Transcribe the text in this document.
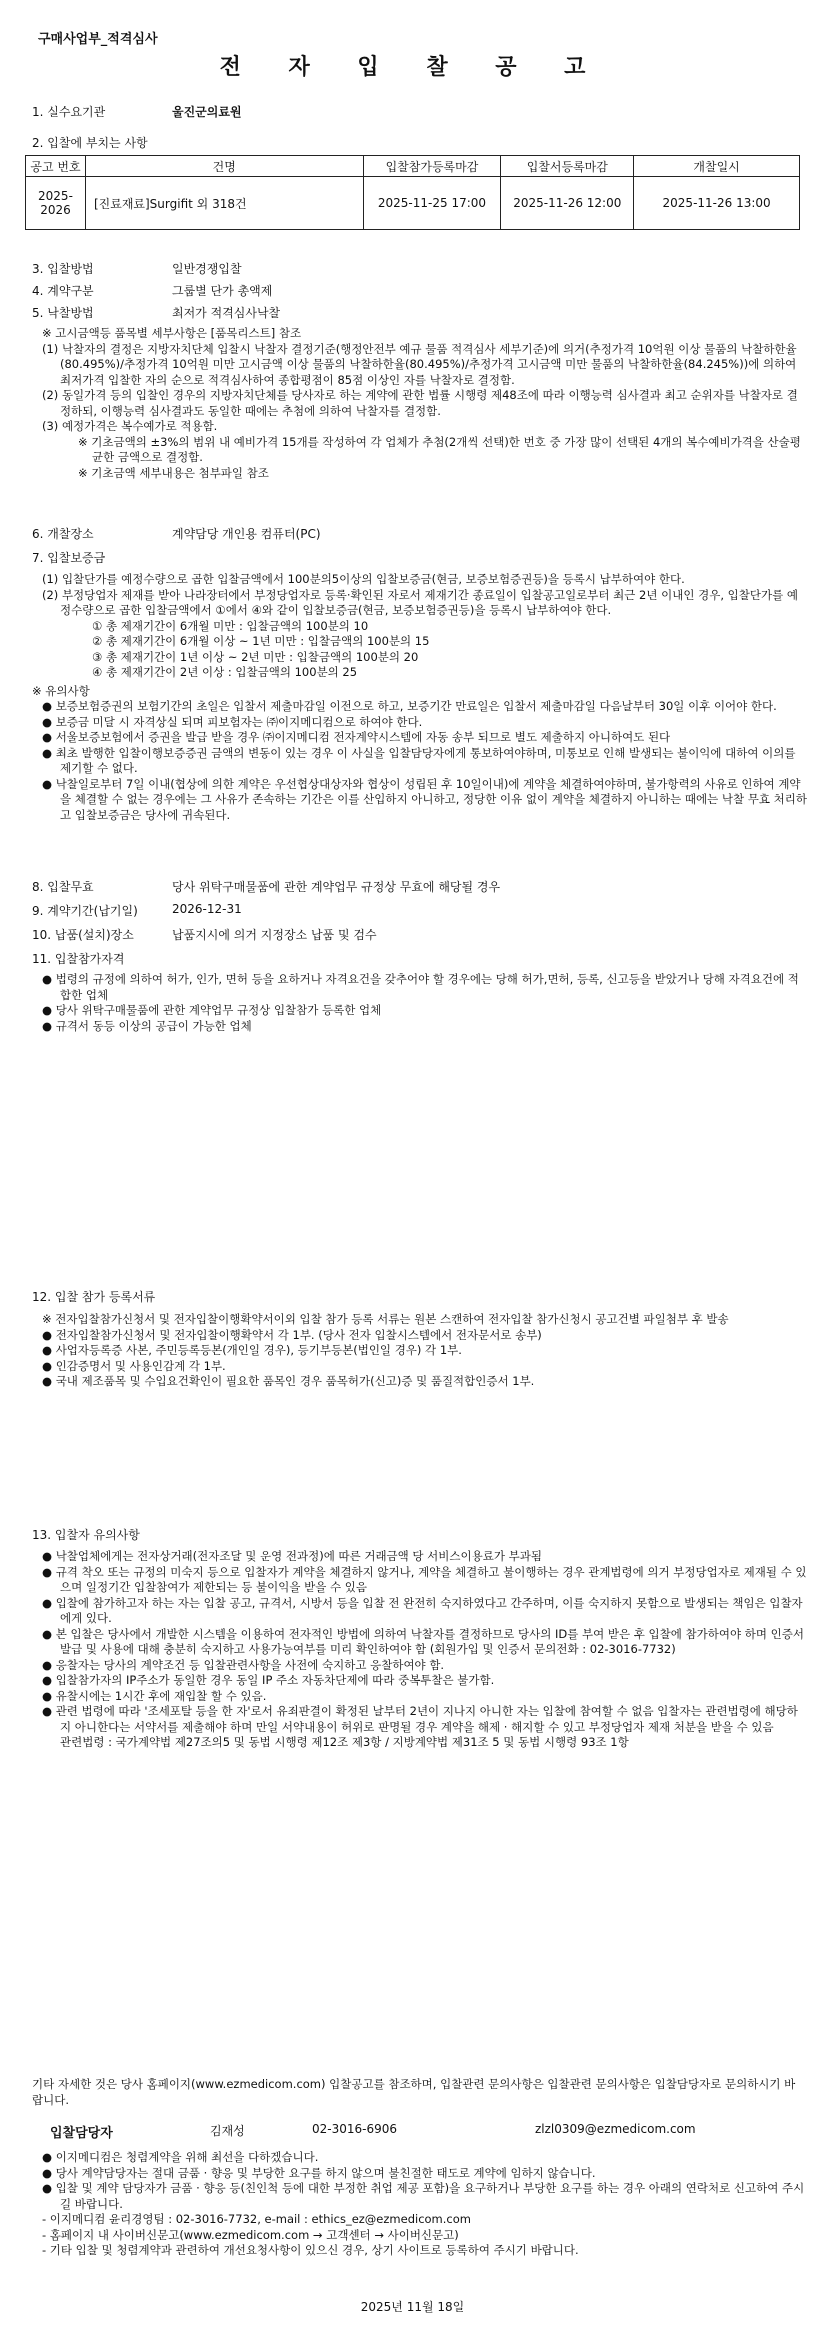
구매사업부_적격심사
전 자 입 찰 공 고
1. 실수요기관	울진군의료원
2. 입찰에 부치는 사항
공고 번호	건명	입찰참가등록마감	입찰서등록마감	개찰일시
2025-2026	[진료재료]Surgifit 외 318건	2025-11-25 17:00	2025-11-26 12:00	2025-11-26 13:00
3. 입찰방법	일반경쟁입찰
4. 계약구분	그룹별 단가 총액제
5. 낙찰방법	최저가 적격심사낙찰

※ 고시금액등 품목별 세부사항은 [품목리스트] 참조

(1) 낙찰자의 결정은 지방자치단체 입찰시 낙찰자 결정기준(행정안전부 예규 물품 적격심사 세부기준)에 의거(추정가격 10억원 이상 물품의 낙찰하한율(80.495%)/추정가격 10억원 미만 고시금액 이상 물품의 낙찰하한율(80.495%)/추정가격 고시금액 미만 물품의 낙찰하한율(84.245%))에 의하여 최저가격 입찰한 자의 순으로 적격심사하여 종합평점이 85점 이상인 자를 낙찰자로 결정함.

(2) 동일가격 등의 입찰인 경우의 지방자치단체를 당사자로 하는 계약에 관한 법률 시행령 제48조에 따라 이행능력 심사결과 최고 순위자를 낙찰자로 결정하되, 이행능력 심사결과도 동일한 때에는 추첨에 의하여 낙찰자를 결정함.

(3) 예정가격은 복수예가로 적용함.

※ 기초금액의 ±3%의 범위 내 예비가격 15개를 작성하여 각 업체가 추첨(2개씩 선택)한 번호 중 가장 많이 선택된 4개의 복수예비가격을 산술평균한 금액으로 결정함.

※ 기초금액 세부내용은 첨부파일 참조

6. 개찰장소	계약담당 개인용 컴퓨터(PC)
7. 입찰보증금

(1) 입찰단가를 예정수량으로 곱한 입찰금액에서 100분의5이상의 입찰보증금(현금, 보증보험증권등)을 등록시 납부하여야 한다.

(2) 부정당업자 제재를 받아 나라장터에서 부정당업자로 등록·확인된 자로서 제재기간 종료일이 입찰공고일로부터 최근 2년 이내인 경우, 입찰단가를 예정수량으로 곱한 입찰금액에서 ①에서 ④와 같이 입찰보증금(현금, 보증보험증권등)을 등록시 납부하여야 한다.

① 총 제재기간이 6개월 미만 : 입찰금액의 100분의 10

② 총 제재기간이 6개월 이상 ~ 1년 미만 : 입찰금액의 100분의 15

③ 총 제재기간이 1년 이상 ~ 2년 미만 : 입찰금액의 100분의 20

④ 총 제재기간이 2년 이상 : 입찰금액의 100분의 25

※ 유의사항

● 보증보험증권의 보험기간의 초일은 입찰서 제출마감일 이전으로 하고, 보증기간 만료일은 입찰서 제출마감일 다음날부터 30일 이후 이어야 한다.

● 보증금 미달 시 자격상실 되며 피보험자는 ㈜이지메디컴으로 하여야 한다.

● 서울보증보험에서 증권을 발급 받을 경우 ㈜이지메디컴 전자계약시스템에 자동 송부 되므로 별도 제출하지 아니하여도 된다

● 최초 발행한 입찰이행보증증권 금액의 변동이 있는 경우 이 사실을 입찰담당자에게 통보하여야하며, 미통보로 인해 발생되는 불이익에 대하여 이의를 제기할 수 없다.

● 낙찰일로부터 7일 이내(협상에 의한 계약은 우선협상대상자와 협상이 성립된 후 10일이내)에 계약을 체결하여야하며, 불가항력의 사유로 인하여 계약을 체결할 수 없는 경우에는 그 사유가 존속하는 기간은 이를 산입하지 아니하고, 정당한 이유 없이 계약을 체결하지 아니하는 때에는 낙찰 무효 처리하고 입찰보증금은 당사에 귀속된다.

8. 입찰무효	당사 위탁구매물품에 관한 계약업무 규정상 무효에 해당될 경우
9. 계약기간(납기일)	2026-12-31
10. 납품(설치)장소	납품지시에 의거 지정장소 납품 및 검수
11. 입찰참가자격

● 법령의 규정에 의하여 허가, 인가, 면허 등을 요하거나 자격요건을 갖추어야 할 경우에는 당해 허가,면허, 등록, 신고등을 받았거나 당해 자격요건에 적합한 업체

● 당사 위탁구매물품에 관한 계약업무 규정상 입찰참가 등록한 업체

● 규격서 동등 이상의 공급이 가능한 업체

12. 입찰 참가 등록서류

※ 전자입찰참가신청서 및 전자입찰이행확약서이외 입찰 참가 등록 서류는 원본 스캔하여 전자입찰 참가신청시 공고건별 파일첨부 후 발송

● 전자입찰참가신청서 및 전자입찰이행확약서 각 1부. (당사 전자 입찰시스템에서 전자문서로 송부)

● 사업자등록증 사본, 주민등록등본(개인일 경우), 등기부등본(법인일 경우) 각 1부.

● 인감증명서 및 사용인감계 각 1부.

● 국내 제조품목 및 수입요건확인이 필요한 품목인 경우 품목허가(신고)증 및 품질적합인증서 1부.

13. 입찰자 유의사항

● 낙찰업체에게는 전자상거래(전자조달 및 운영 전과정)에 따른 거래금액 당 서비스이용료가 부과됨

● 규격 착오 또는 규정의 미숙지 등으로 입찰자가 계약을 체결하지 않거나, 계약을 체결하고 불이행하는 경우 관계법령에 의거 부정당업자로 제재될 수 있으며 일정기간 입찰참여가 제한되는 등 불이익을 받을 수 있음

● 입찰에 참가하고자 하는 자는 입찰 공고, 규격서, 시방서 등을 입찰 전 완전히 숙지하였다고 간주하며, 이를 숙지하지 못함으로 발생되는 책임은 입찰자에게 있다.

● 본 입찰은 당사에서 개발한 시스템을 이용하여 전자적인 방법에 의하여 낙찰자를 결정하므로 당사의 ID를 부여 받은 후 입찰에 참가하여야 하며 인증서 발급 및 사용에 대해 충분히 숙지하고 사용가능여부를 미리 확인하여야 함 (회원가입 및 인증서 문의전화 : 02-3016-7732)

● 응찰자는 당사의 계약조건 등 입찰관련사항을 사전에 숙지하고 응찰하여야 함.

● 입찰참가자의 IP주소가 동일한 경우 동일 IP 주소 자동차단제에 따라 중복투찰은 불가함.

● 유찰시에는 1시간 후에 재입찰 할 수 있음.

● 관련 법령에 따라 '조세포탈 등을 한 자'로서 유죄판결이 확정된 날부터 2년이 지나지 아니한 자는 입찰에 참여할 수 없음 입찰자는 관련법령에 해당하지 아니한다는 서약서를 제출해야 하며 만일 서약내용이 허위로 판명될 경우 계약을 해제 · 해지할 수 있고 부정당업자 제재 처분을 받을 수 있음

관련법령 : 국가계약법 제27조의5 및 동법 시행령 제12조 제3항 / 지방계약법 제31조 5 및 동법 시행령 93조 1항

기타 자세한 것은 당사 홈페이지(www.ezmedicom.com) 입찰공고를 참조하며, 입찰관련 문의사항은 입찰관련 문의사항은 입찰담당자로 문의하시기 바랍니다.
입찰담당자	김재성	02-3016-6906	zlzl0309@ezmedicom.com

● 이지메디컴은 청렴계약을 위해 최선을 다하겠습니다.

● 당사 계약담당자는 절대 금품 · 향응 및 부당한 요구를 하지 않으며 불친절한 태도로 계약에 임하지 않습니다.

● 입찰 및 계약 담당자가 금품 · 향응 등(친인척 등에 대한 부정한 취업 제공 포함)을 요구하거나 부당한 요구를 하는 경우 아래의 연락처로 신고하여 주시길 바랍니다.

- 이지메디컴 윤리경영팀 : 02-3016-7732, e-mail : ethics_ez@ezmedicom.com

- 홈페이지 내 사이버신문고(www.ezmedicom.com → 고객센터 → 사이버신문고)

- 기타 입찰 및 청렴계약과 관련하여 개선요청사항이 있으신 경우, 상기 사이트로 등록하여 주시기 바랍니다.

2025년 11월 18일
